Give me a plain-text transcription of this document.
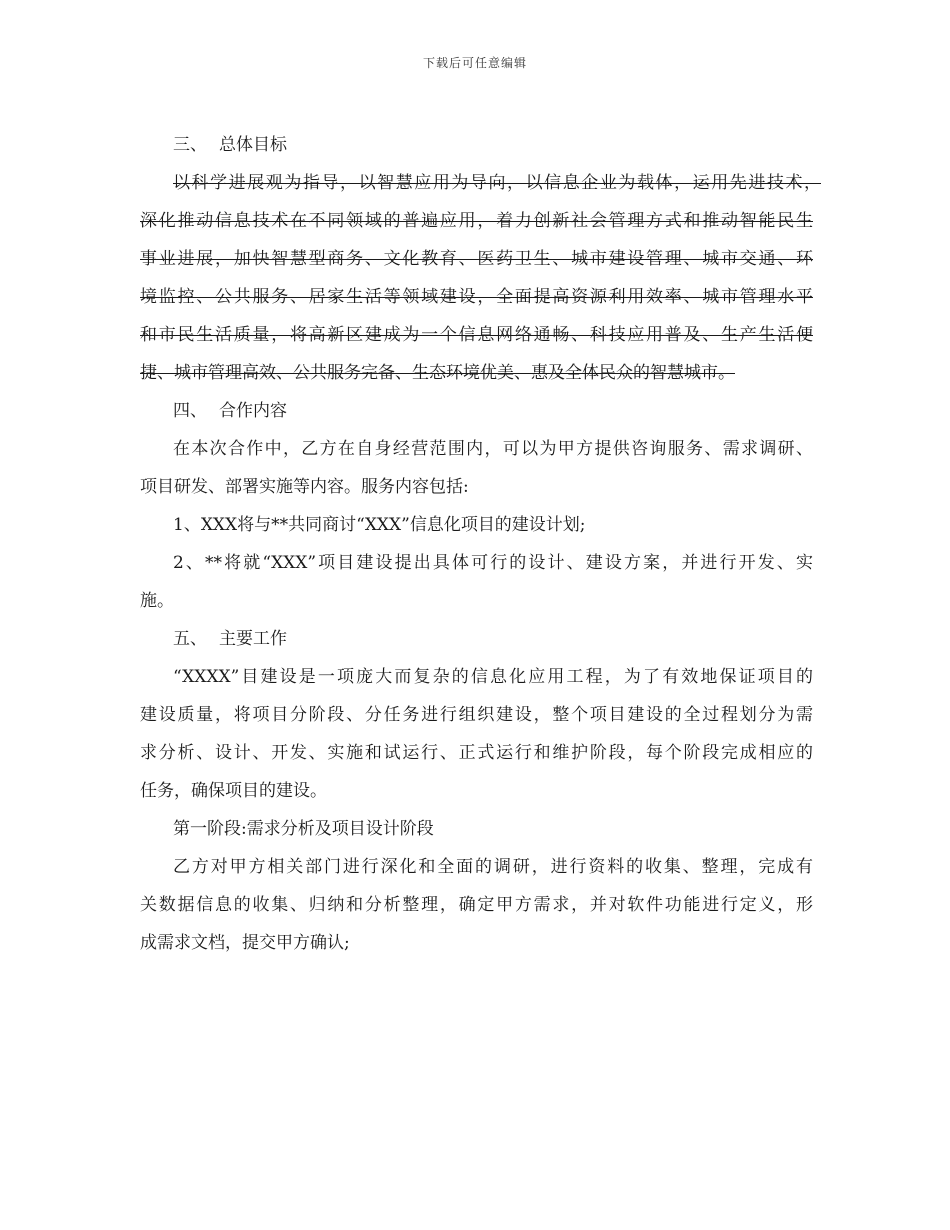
下载后可任意编辑
三、 总体目标
以科学进展观为指导，以智慧应用为导向，以信息企业为载体，运用先进技术，
深化推动信息技术在不同领域的普遍应用，着力创新社会管理方式和推动智能民生
事业进展，加快智慧型商务、文化教育、医药卫生、城市建设管理、城市交通、环
境监控、公共服务、居家生活等领域建设，全面提高资源利用效率、城市管理水平
和市民生活质量，将高新区建成为一个信息网络通畅、科技应用普及、生产生活便
捷、城市管理高效、公共服务完备、生态环境优美、惠及全体民众的智慧城市。
四、 合作内容
在本次合作中，乙方在自身经营范围内，可以为甲方提供咨询服务、需求调研、
项目研发、部署实施等内容。服务内容包括:
1、XXX将与**共同商讨“XXX”信息化项目的建设计划;
2、**将就“XXX”项目建设提出具体可行的设计、建设方案，并进行开发、实
施。
五、 主要工作
“XXXX”目建设是一项庞大而复杂的信息化应用工程，为了有效地保证项目的
建设质量，将项目分阶段、分任务进行组织建设，整个项目建设的全过程划分为需
求分析、设计、开发、实施和试运行、正式运行和维护阶段，每个阶段完成相应的
任务，确保项目的建设。
第一阶段:需求分析及项目设计阶段
乙方对甲方相关部门进行深化和全面的调研，进行资料的收集、整理，完成有
关数据信息的收集、归纳和分析整理，确定甲方需求，并对软件功能进行定义，形
成需求文档，提交甲方确认;
